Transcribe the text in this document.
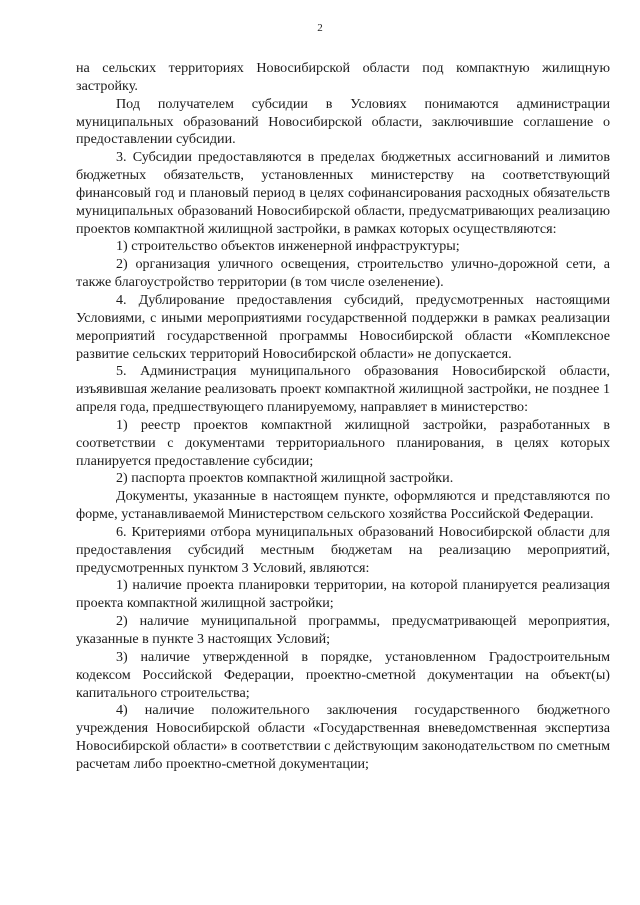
2

на сельских территориях Новосибирской области под компактную жилищную застройку.

Под получателем субсидии в Условиях понимаются администрации муниципальных образований Новосибирской области, заключившие соглашение о предоставлении субсидии.

3. Субсидии предоставляются в пределах бюджетных ассигнований и лимитов бюджетных обязательств, установленных министерству на соответствующий финансовый год и плановый период в целях софинансирования расходных обязательств муниципальных образований Новосибирской области, предусматривающих реализацию проектов компактной жилищной застройки, в рамках которых осуществляются:

1) строительство объектов инженерной инфраструктуры;

2) организация уличного освещения, строительство улично-дорожной сети, а также благоустройство территории (в том числе озеленение).

4. Дублирование предоставления субсидий, предусмотренных настоящими Условиями, с иными мероприятиями государственной поддержки в рамках реализации мероприятий государственной программы Новосибирской области «Комплексное развитие сельских территорий Новосибирской области» не допускается.

5. Администрация муниципального образования Новосибирской области, изъявившая желание реализовать проект компактной жилищной застройки, не позднее 1 апреля года, предшествующего планируемому, направляет в министерство:

1) реестр проектов компактной жилищной застройки, разработанных в соответствии с документами территориального планирования, в целях которых планируется предоставление субсидии;

2) паспорта проектов компактной жилищной застройки.

Документы, указанные в настоящем пункте, оформляются и представляются по форме, устанавливаемой Министерством сельского хозяйства Российской Федерации.

6. Критериями отбора муниципальных образований Новосибирской области для предоставления субсидий местным бюджетам на реализацию мероприятий, предусмотренных пунктом 3 Условий, являются:

1) наличие проекта планировки территории, на которой планируется реализация проекта компактной жилищной застройки;

2) наличие муниципальной программы, предусматривающей мероприятия, указанные в пункте 3 настоящих Условий;

3) наличие утвержденной в порядке, установленном Градостроительным кодексом Российской Федерации, проектно-сметной документации на объект(ы) капитального строительства;

4) наличие положительного заключения государственного бюджетного учреждения Новосибирской области «Государственная вневедомственная экспертиза Новосибирской области» в соответствии с действующим законодательством по сметным расчетам либо проектно-сметной документации;
